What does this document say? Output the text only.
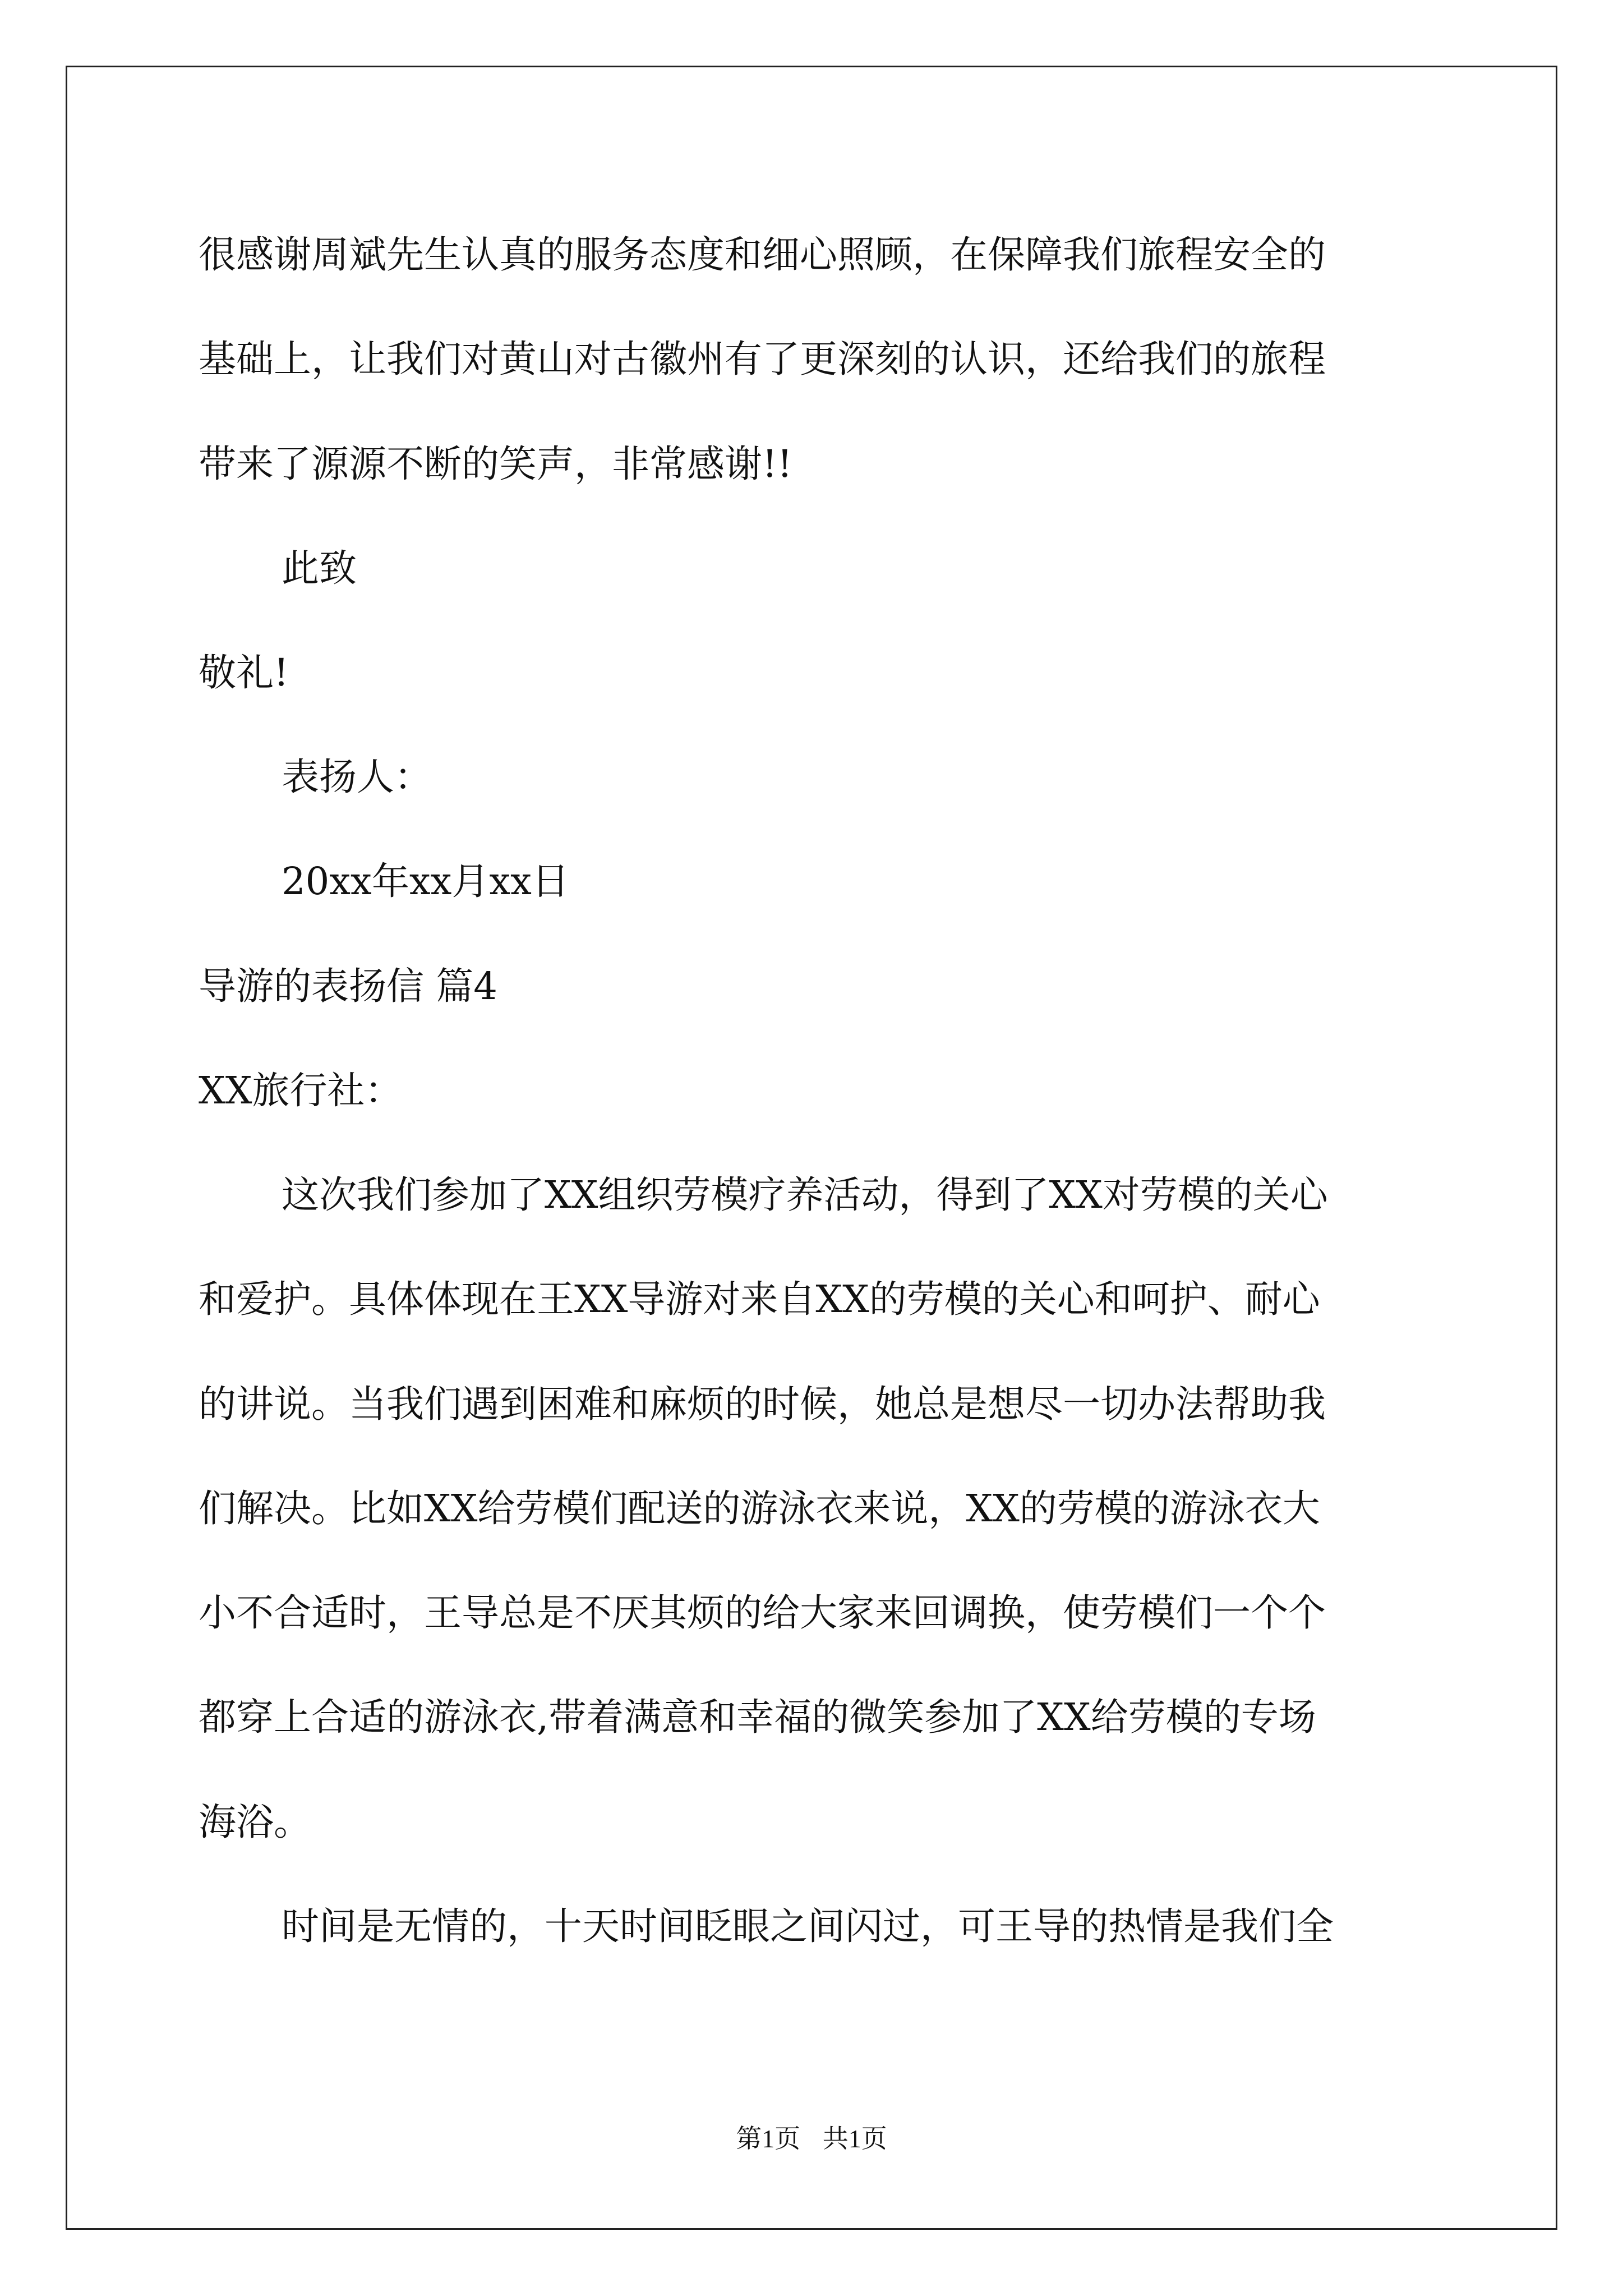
很感谢周斌先生认真的服务态度和细心照顾，在保障我们旅程安全的
基础上，让我们对黄山对古徽州有了更深刻的认识，还给我们的旅程
带来了源源不断的笑声，非常感谢!!
此致
敬礼!
表扬人：
20xx年xx月xx日
导游的表扬信 篇4
XX旅行社：
这次我们参加了XX组织劳模疗养活动，得到了XX对劳模的关心
和爱护。具体体现在王XX导游对来自XX的劳模的关心和呵护、耐心
的讲说。当我们遇到困难和麻烦的时候，她总是想尽一切办法帮助我
们解决。比如XX给劳模们配送的游泳衣来说，XX的劳模的游泳衣大
小不合适时，王导总是不厌其烦的给大家来回调换，使劳模们一个个
都穿上合适的游泳衣,带着满意和幸福的微笑参加了XX给劳模的专场
海浴。
时间是无情的，十天时间眨眼之间闪过，可王导的热情是我们全
第1页 共1页
